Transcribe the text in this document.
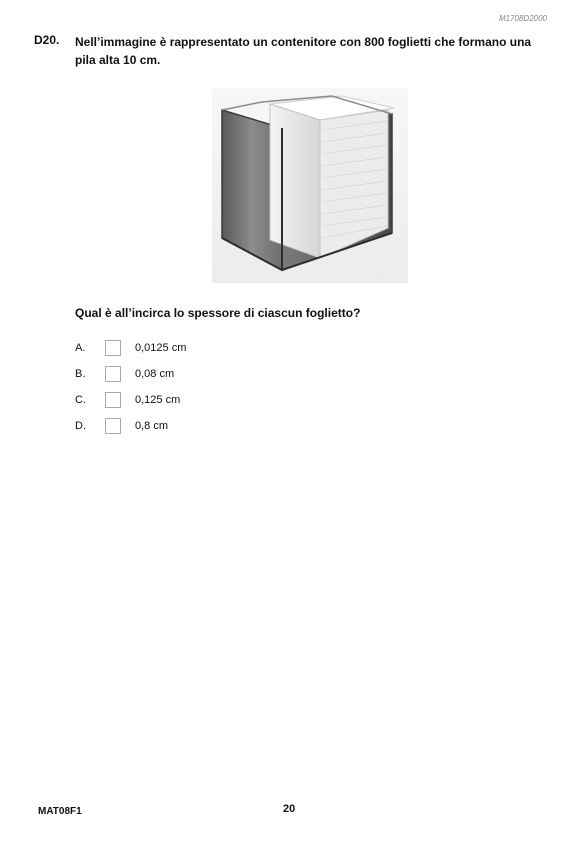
M1708D2000
D20. Nell’immagine è rappresentato un contenitore con 800 foglietti che formano una pila alta 10 cm.
Qual è all’incirca lo spessore di ciascun foglietto?
A.	0,0125 cm
B.	0,08 cm
C.	0,125 cm
D.	0,8 cm
MAT08F1	20
